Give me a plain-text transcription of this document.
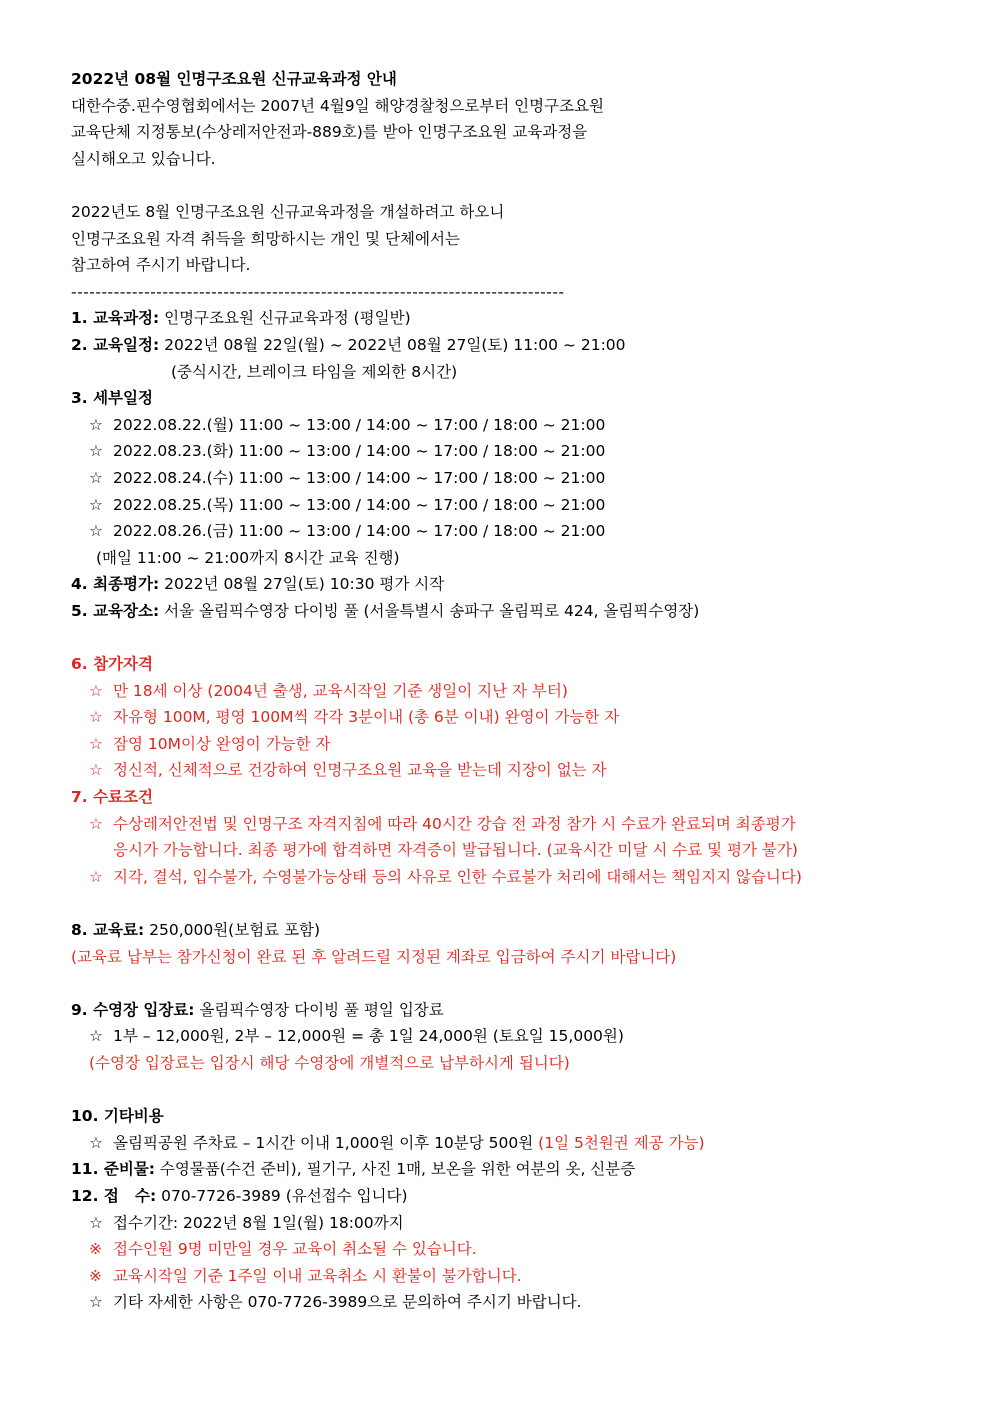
2022년 08월 인명구조요원 신규교육과정 안내
대한수중.핀수영협회에서는 2007년 4월9일 해양경찰청으로부터 인명구조요원
교육단체 지정통보(수상레저안전과-889호)를 받아 인명구조요원 교육과정을
실시해오고 있습니다.
2022년도 8월 인명구조요원 신규교육과정을 개설하려고 하오니
인명구조요원 자격 취득을 희망하시는 개인 및 단체에서는
참고하여 주시기 바랍니다.
---------------------------------------------------------------------------------
1. 교육과정: 인명구조요원 신규교육과정 (평일반)
2. 교육일정: 2022년 08월 22일(월) ~ 2022년 08월 27일(토) 11:00 ~ 21:00
(중식시간, 브레이크 타임을 제외한 8시간)
3. 세부일정
☆ 2022.08.22.(월) 11:00 ~ 13:00 / 14:00 ~ 17:00 / 18:00 ~ 21:00
☆ 2022.08.23.(화) 11:00 ~ 13:00 / 14:00 ~ 17:00 / 18:00 ~ 21:00
☆ 2022.08.24.(수) 11:00 ~ 13:00 / 14:00 ~ 17:00 / 18:00 ~ 21:00
☆ 2022.08.25.(목) 11:00 ~ 13:00 / 14:00 ~ 17:00 / 18:00 ~ 21:00
☆ 2022.08.26.(금) 11:00 ~ 13:00 / 14:00 ~ 17:00 / 18:00 ~ 21:00
(매일 11:00 ~ 21:00까지 8시간 교육 진행)
4. 최종평가: 2022년 08월 27일(토) 10:30 평가 시작
5. 교육장소: 서울 올림픽수영장 다이빙 풀 (서울특별시 송파구 올림픽로 424, 올림픽수영장)
6. 참가자격
☆ 만 18세 이상 (2004년 출생, 교육시작일 기준 생일이 지난 자 부터)
☆ 자유형 100M, 평영 100M씩 각각 3분이내 (총 6분 이내) 완영이 가능한 자
☆ 잠영 10M이상 완영이 가능한 자
☆ 정신적, 신체적으로 건강하여 인명구조요원 교육을 받는데 지장이 없는 자
7. 수료조건
☆ 수상레저안전법 및 인명구조 자격지침에 따라 40시간 강습 전 과정 참가 시 수료가 완료되며 최종평가
응시가 가능합니다. 최종 평가에 합격하면 자격증이 발급됩니다. (교육시간 미달 시 수료 및 평가 불가)
☆ 지각, 결석, 입수불가, 수영불가능상태 등의 사유로 인한 수료불가 처리에 대해서는 책임지지 않습니다)
8. 교육료: 250,000원(보험료 포함)
(교육료 납부는 참가신청이 완료 된 후 알려드릴 지정된 계좌로 입금하여 주시기 바랍니다)
9. 수영장 입장료: 올림픽수영장 다이빙 풀 평일 입장료
☆ 1부 – 12,000원, 2부 – 12,000원 = 총 1일 24,000원 (토요일 15,000원)
(수영장 입장료는 입장시 해당 수영장에 개별적으로 납부하시게 됩니다)
10. 기타비용
☆ 올림픽공원 주차료 – 1시간 이내 1,000원 이후 10분당 500원 (1일 5천원권 제공 가능)
11. 준비물: 수영물품(수건 준비), 필기구, 사진 1매, 보온을 위한 여분의 옷, 신분증
12. 접   수: 070-7726-3989 (유선접수 입니다)
☆ 접수기간: 2022년 8월 1일(월) 18:00까지
※ 접수인원 9명 미만일 경우 교육이 취소될 수 있습니다.
※ 교육시작일 기준 1주일 이내 교육취소 시 환불이 불가합니다.
☆ 기타 자세한 사항은 070-7726-3989으로 문의하여 주시기 바랍니다.
